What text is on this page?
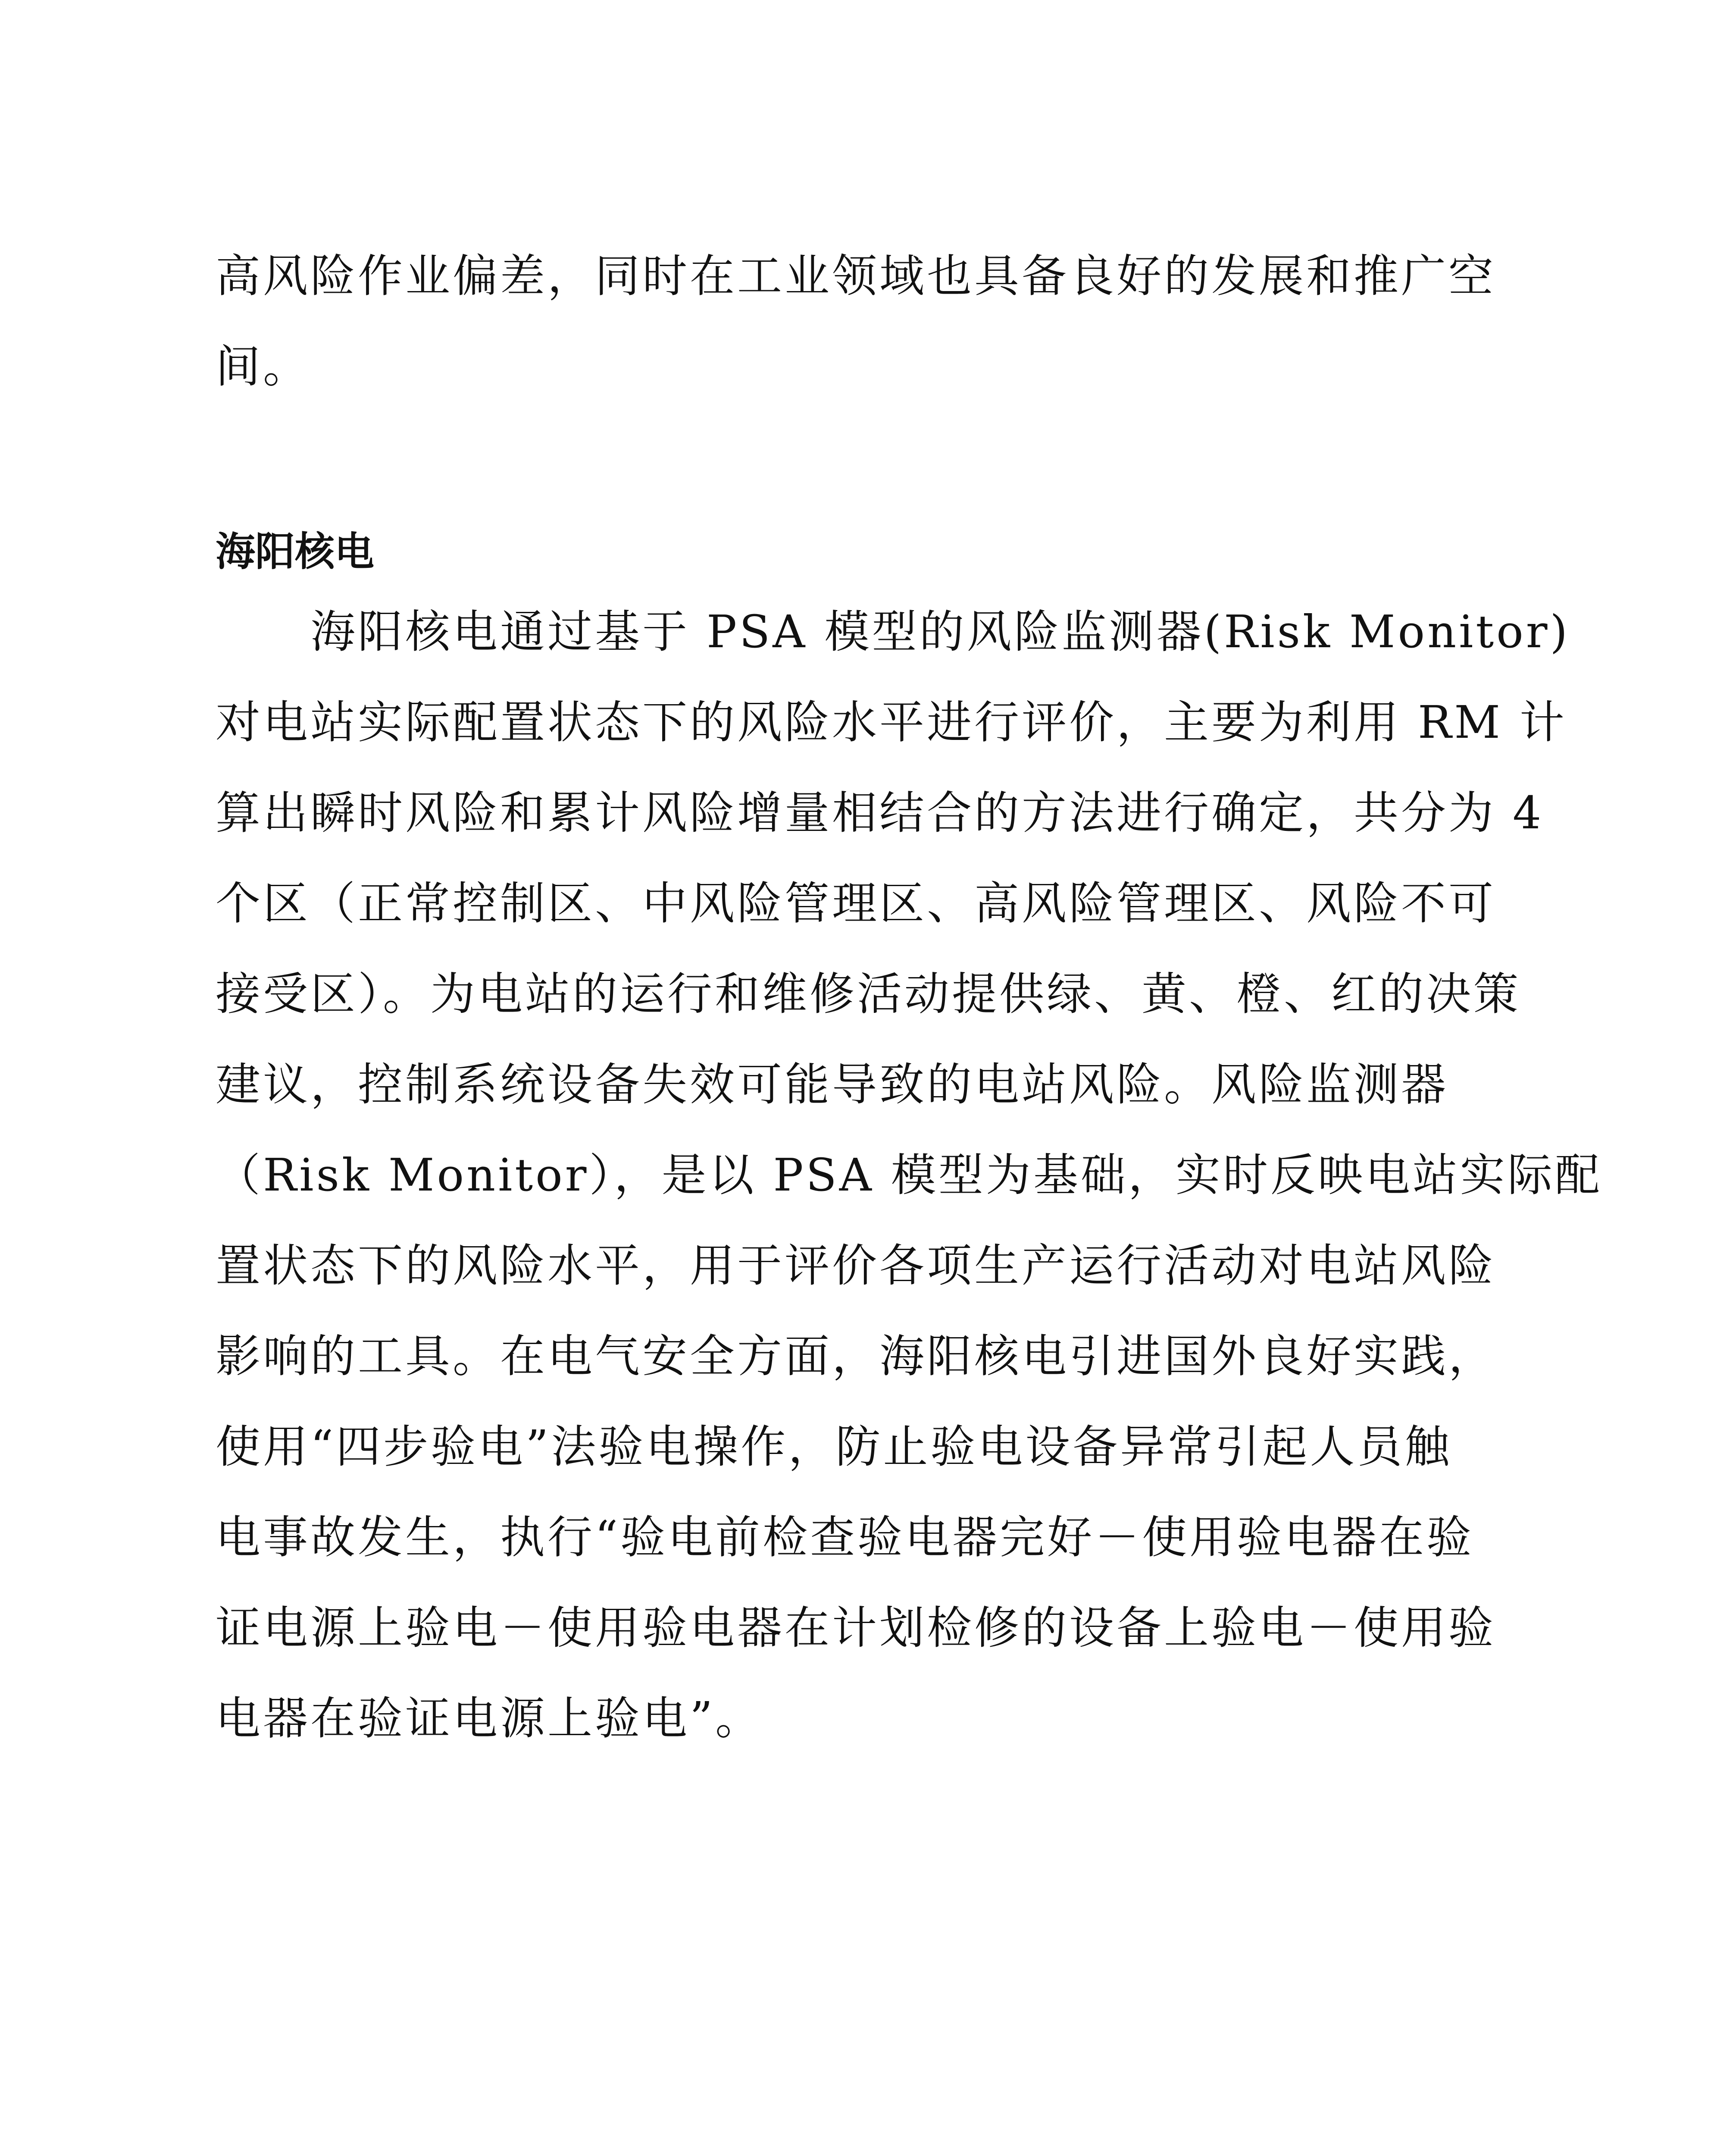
高风险作业偏差，同时在工业领域也具备良好的发展和推广空
间。
海阳核电
　　海阳核电通过基于 PSA 模型的风险监测器(Risk Monitor)
对电站实际配置状态下的风险水平进行评价，主要为利用 RM 计
算出瞬时风险和累计风险增量相结合的方法进行确定，共分为 4
个区（正常控制区、中风险管理区、高风险管理区、风险不可
接受区）。为电站的运行和维修活动提供绿、黄、橙、红的决策
建议，控制系统设备失效可能导致的电站风险。风险监测器
（Risk Monitor），是以 PSA 模型为基础，实时反映电站实际配
置状态下的风险水平，用于评价各项生产运行活动对电站风险
影响的工具。在电气安全方面，海阳核电引进国外良好实践，
使用“四步验电”法验电操作，防止验电设备异常引起人员触
电事故发生，执行“验电前检查验电器完好－使用验电器在验
证电源上验电－使用验电器在计划检修的设备上验电－使用验
电器在验证电源上验电”。
